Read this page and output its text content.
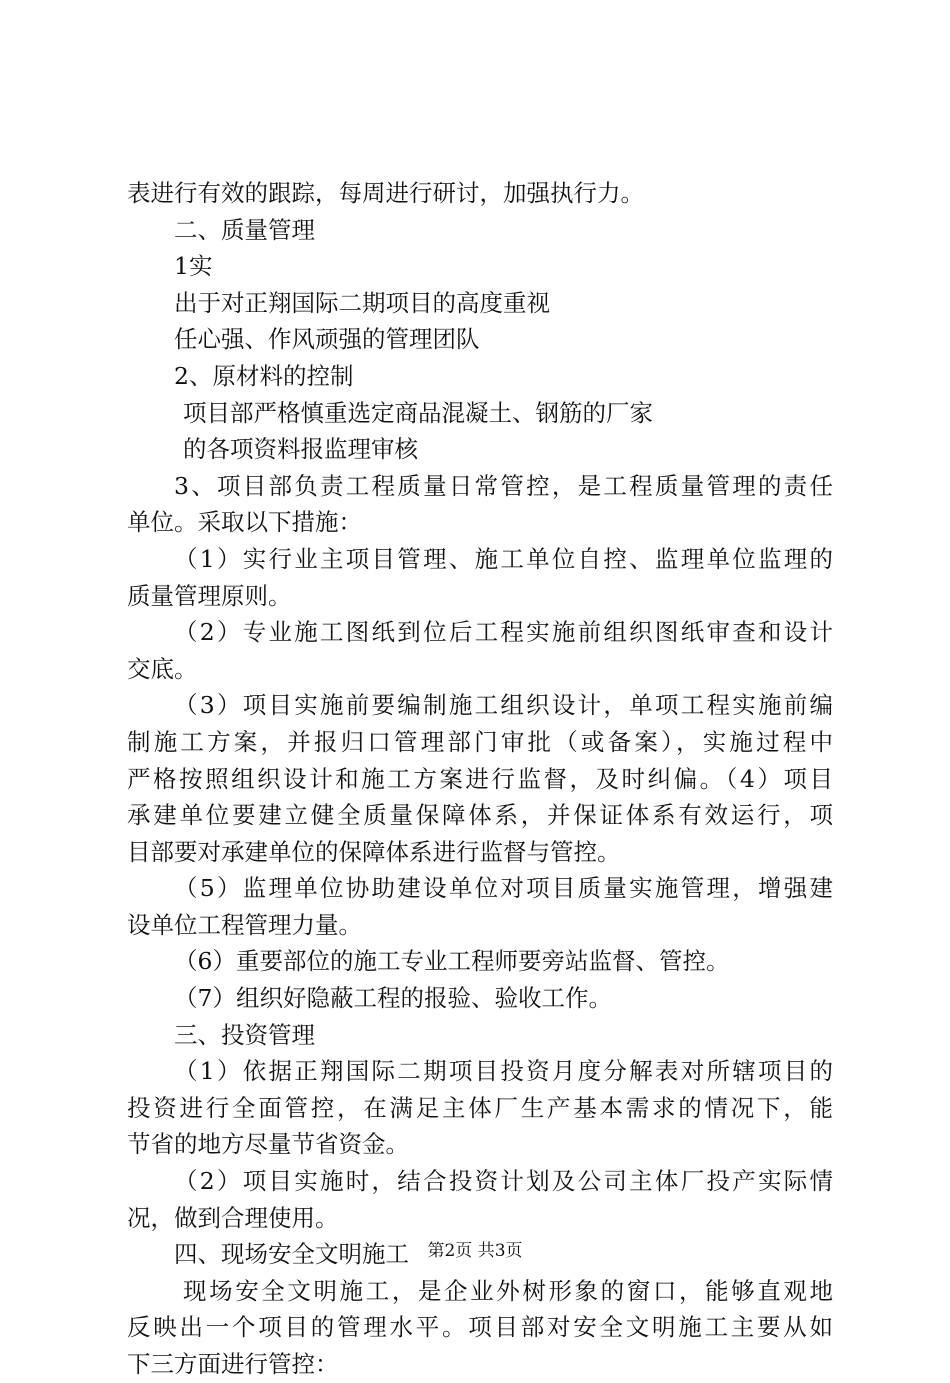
表进行有效的跟踪，每周进行研讨，加强执行力。
二、质量管理
1实
出于对正翔国际二期项目的高度重视
任心强、作风顽强的管理团队
2、原材料的控制
项目部严格慎重选定商品混凝土、钢筋的厂家
的各项资料报监理审核
3、项目部负责工程质量日常管控，是工程质量管理的责任
单位。采取以下措施：
（1）实行业主项目管理、施工单位自控、监理单位监理的
质量管理原则。
（2）专业施工图纸到位后工程实施前组织图纸审查和设计
交底。
（3）项目实施前要编制施工组织设计，单项工程实施前编
制施工方案，并报归口管理部门审批（或备案），实施过程中
严格按照组织设计和施工方案进行监督，及时纠偏。（4）项目
承建单位要建立健全质量保障体系，并保证体系有效运行，项
目部要对承建单位的保障体系进行监督与管控。
（5）监理单位协助建设单位对项目质量实施管理，增强建
设单位工程管理力量。
（6）重要部位的施工专业工程师要旁站监督、管控。
（7）组织好隐蔽工程的报验、验收工作。
三、投资管理
（1）依据正翔国际二期项目投资月度分解表对所辖项目的
投资进行全面管控，在满足主体厂生产基本需求的情况下，能
节省的地方尽量节省资金。
（2）项目实施时，结合投资计划及公司主体厂投产实际情
况，做到合理使用。
四、现场安全文明施工
现场安全文明施工，是企业外树形象的窗口，能够直观地
反映出一个项目的管理水平。项目部对安全文明施工主要从如
下三方面进行管控：
第2页 共3页
